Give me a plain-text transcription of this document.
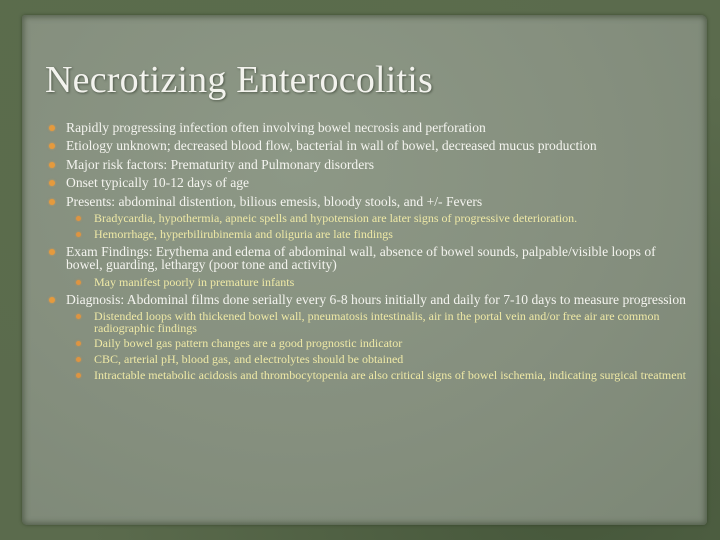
Necrotizing Enterocolitis
Rapidly progressing infection often involving bowel necrosis and perforation
Etiology unknown; decreased blood flow, bacterial in wall of bowel, decreased mucus production
Major risk factors: Prematurity and Pulmonary disorders
Onset typically 10-12 days of age
Presents: abdominal distention, bilious emesis, bloody stools, and +/- Fevers
Bradycardia, hypothermia, apneic spells and hypotension are later signs of progressive deterioration.
Hemorrhage, hyperbilirubinemia and oliguria are late findings
Exam Findings: Erythema and edema of abdominal wall, absence of bowel sounds, palpable/visible loops of bowel, guarding, lethargy (poor tone and activity)
May manifest poorly in premature infants
Diagnosis: Abdominal films done serially every 6-8 hours initially and daily for 7-10 days to measure progression
Distended loops with thickened bowel wall, pneumatosis intestinalis, air in the portal vein and/or free air are common radiographic findings
Daily bowel gas pattern changes are a good prognostic indicator
CBC, arterial pH, blood gas, and electrolytes should be obtained
Intractable metabolic acidosis and thrombocytopenia are also critical signs of bowel ischemia, indicating surgical treatment
